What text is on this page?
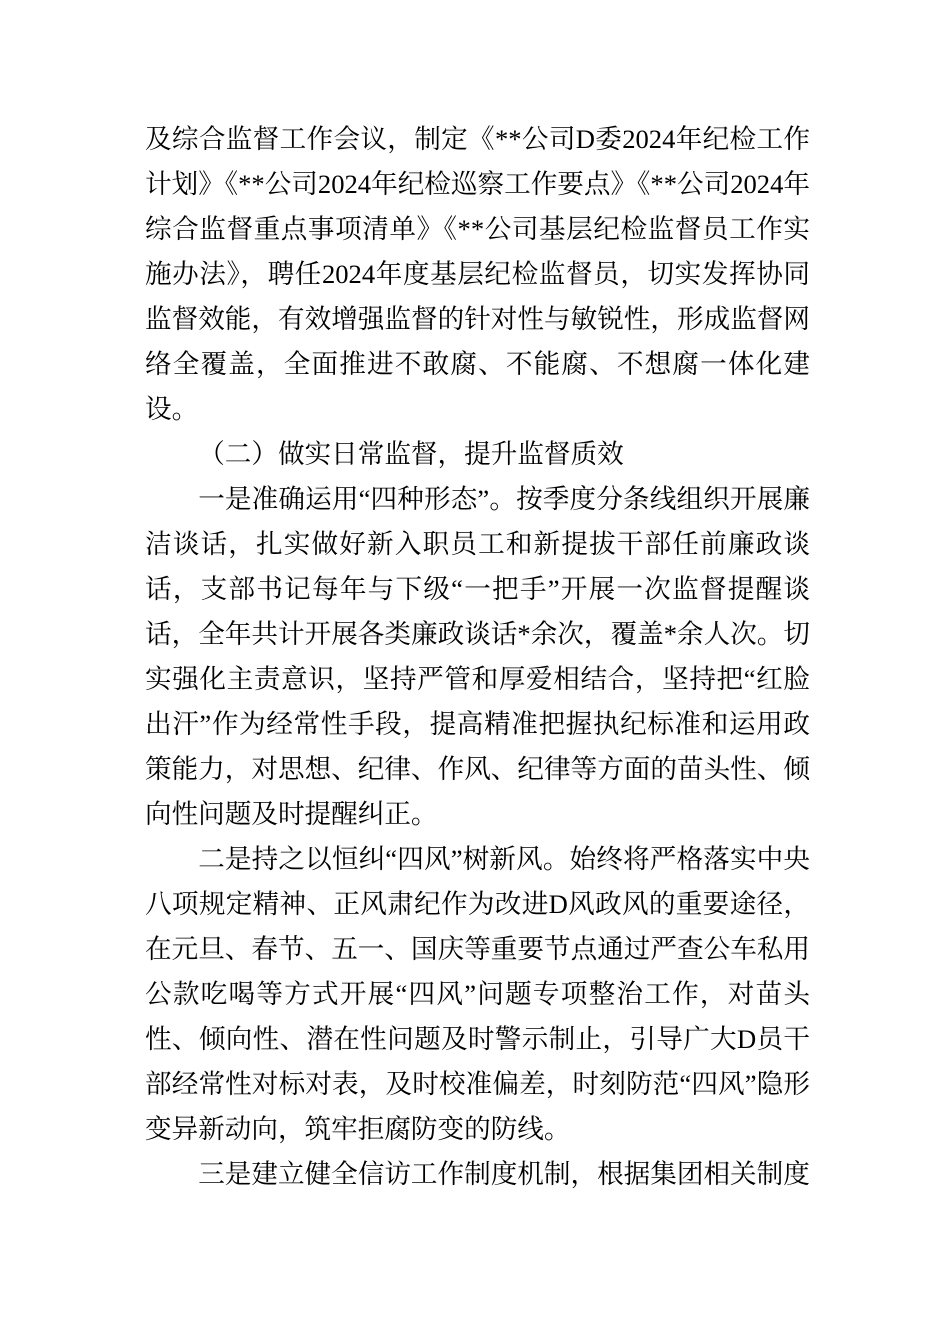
及综合监督工作会议，制定《**公司D委2024年纪检工作计划》《**公司2024年纪检巡察工作要点》《**公司2024年综合监督重点事项清单》《**公司基层纪检监督员工作实施办法》，聘任2024年度基层纪检监督员，切实发挥协同监督效能，有效增强监督的针对性与敏锐性，形成监督网络全覆盖，全面推进不敢腐、不能腐、不想腐一体化建设。

（二）做实日常监督，提升监督质效

一是准确运用“四种形态”。按季度分条线组织开展廉洁谈话，扎实做好新入职员工和新提拔干部任前廉政谈话，支部书记每年与下级“一把手”开展一次监督提醒谈话，全年共计开展各类廉政谈话*余次，覆盖*余人次。切实强化主责意识，坚持严管和厚爱相结合，坚持把“红脸出汗”作为经常性手段，提高精准把握执纪标准和运用政策能力，对思想、纪律、作风、纪律等方面的苗头性、倾向性问题及时提醒纠正。

二是持之以恒纠“四风”树新风。始终将严格落实中央八项规定精神、正风肃纪作为改进D风政风的重要途径，在元旦、春节、五一、国庆等重要节点通过严查公车私用公款吃喝等方式开展“四风”问题专项整治工作，对苗头性、倾向性、潜在性问题及时警示制止，引导广大D员干部经常性对标对表，及时校准偏差，时刻防范“四风”隐形变异新动向，筑牢拒腐防变的防线。

三是建立健全信访工作制度机制，根据集团相关制度
